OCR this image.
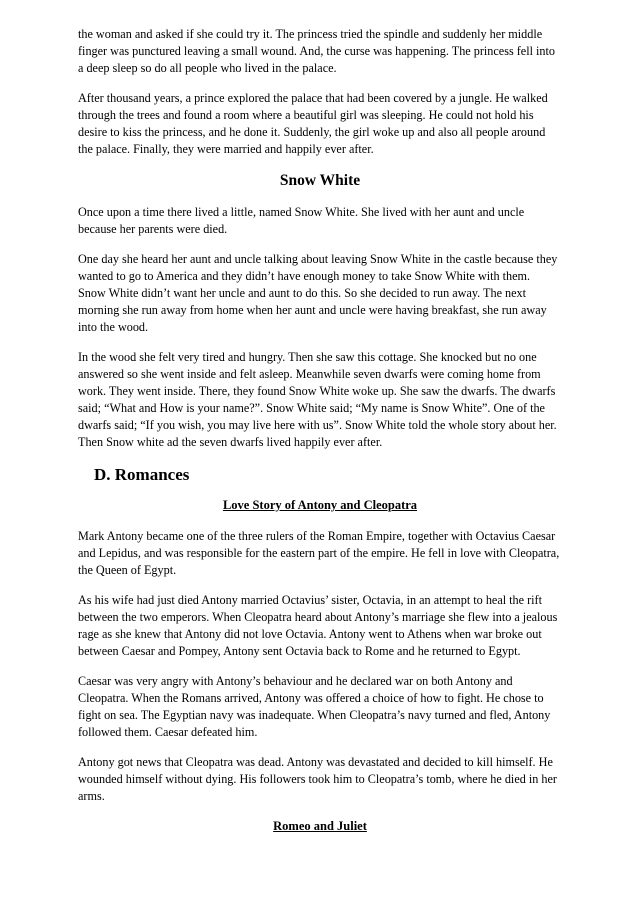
the woman and asked if she could try it. The princess tried the spindle and suddenly her middle finger was punctured leaving a small wound. And, the curse was happening. The princess fell into a deep sleep so do all people who lived in the palace.

After thousand years, a prince explored the palace that had been covered by a jungle. He walked through the trees and found a room where a beautiful girl was sleeping. He could not hold his desire to kiss the princess, and he done it. Suddenly, the girl woke up and also all people around the palace. Finally, they were married and happily ever after.

Snow White

Once upon a time there lived a little, named Snow White. She lived with her aunt and uncle because her parents were died.

One day she heard her aunt and uncle talking about leaving Snow White in the castle because they wanted to go to America and they didn’t have enough money to take Snow White with them.

Snow White didn’t want her uncle and aunt to do this. So she decided to run away. The next morning she run away from home when her aunt and uncle were having breakfast, she run away into the wood.

In the wood she felt very tired and hungry. Then she saw this cottage. She knocked but no one answered so she went inside and felt asleep. Meanwhile seven dwarfs were coming home from work. They went inside. There, they found Snow White woke up. She saw the dwarfs. The dwarfs said; “What and How is your name?”. Snow White said; “My name is Snow White”. One of the dwarfs said; “If you wish, you may live here with us”. Snow White told the whole story about her. Then Snow white ad the seven dwarfs lived happily ever after.

D. Romances
Love Story of Antony and Cleopatra

Mark Antony became one of the three rulers of the Roman Empire, together with Octavius Caesar and Lepidus, and was responsible for the eastern part of the empire. He fell in love with Cleopatra, the Queen of Egypt.

As his wife had just died Antony married Octavius’ sister, Octavia, in an attempt to heal the rift between the two emperors. When Cleopatra heard about Antony’s marriage she flew into a jealous rage as she knew that Antony did not love Octavia. Antony went to Athens when war broke out between Caesar and Pompey, Antony sent Octavia back to Rome and he returned to Egypt.

Caesar was very angry with Antony’s behaviour and he declared war on both Antony and Cleopatra. When the Romans arrived, Antony was offered a choice of how to fight. He chose to fight on sea. The Egyptian navy was inadequate. When Cleopatra’s navy turned and fled, Antony followed them. Caesar defeated him.

Antony got news that Cleopatra was dead. Antony was devastated and decided to kill himself. He wounded himself without dying. His followers took him to Cleopatra’s tomb, where he died in her arms.

Romeo and Juliet
